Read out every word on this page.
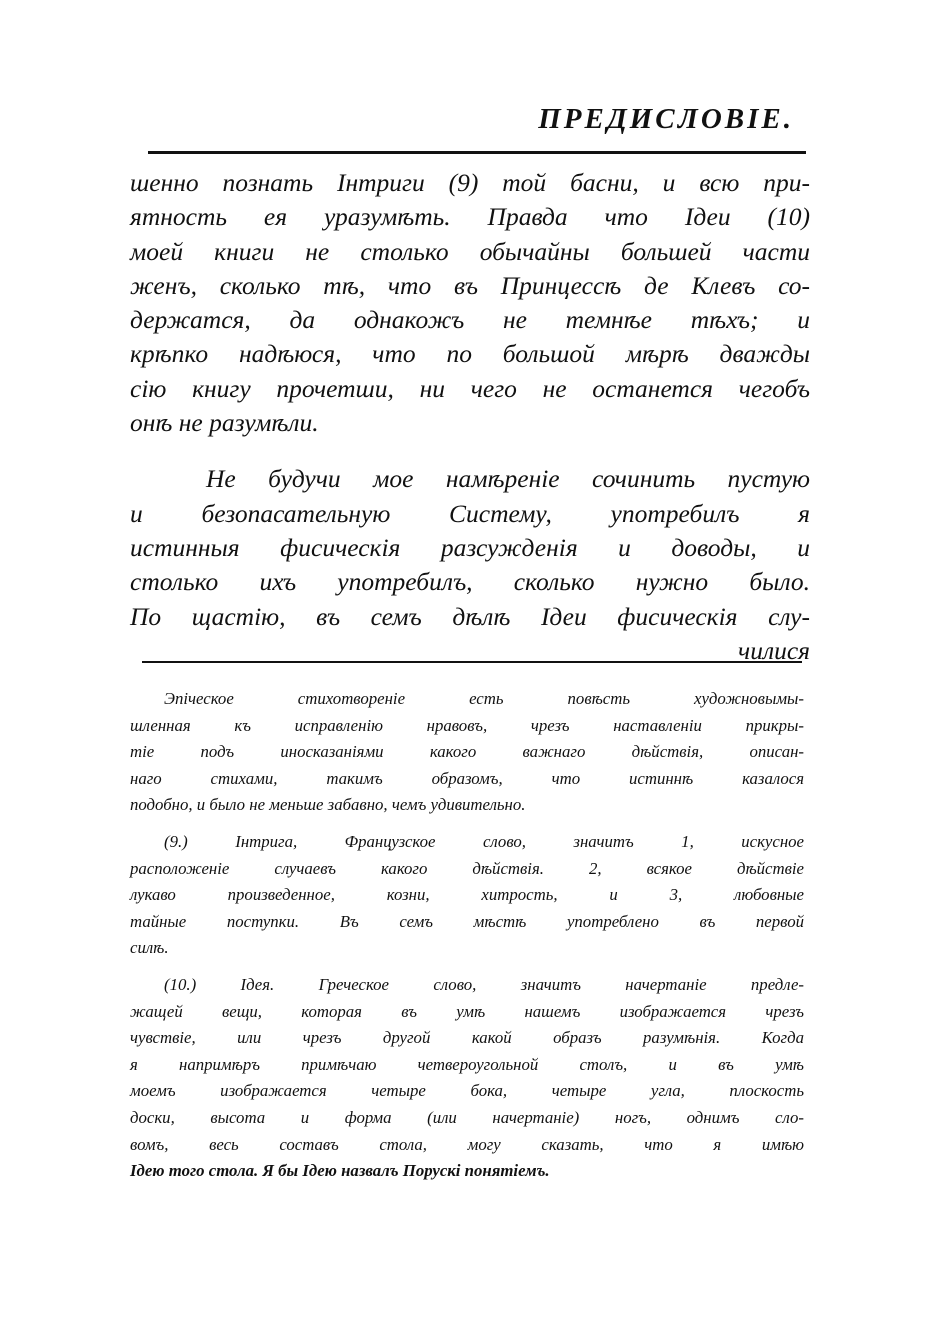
ПРЕДИСЛОВІЕ.
шенно познать Інтриги (9) той басни, и всю при-
ятность ея уразумѣть. Правда что Ідеи (10)
моей книги не столько обычайны большей части
женъ, сколько тѣ, что въ Принцессѣ де Клевъ со-
держатся, да однакожъ не темнѣе тѣхъ; и
крѣпко надѣюся, что по большой мѣрѣ дважды
сію книгу прочетши, ни чего не останется чегобъ
онѣ не разумѣли.
Не будучи мое намѣреніе сочинить пустую
и безопасательную Систему, употребилъ я
истинныя фисическія разсужденія и доводы, и
столько ихъ употребилъ, сколько нужно было.
По щастію, въ семъ дѣлѣ Ідеи фисическія слу-
чилися
Эпіческое стихотвореніе есть повѣсть художновымы-
шленная къ исправленію нравовъ, чрезъ наставленіи прикры-
тіе подъ иносказаніями какого важнаго дѣйствія, описан-
наго стихами, такимъ образомъ, что истиннѣ казалося
подобно, и было не меньше забавно, чемъ удивительно.
(9.) Інтрига, Французское слово, значитъ 1, искусное
расположеніе случаевъ какого дѣйствія. 2, всякое дѣйствіе
лукаво произведенное, козни, хитрость, и 3, любовные
тайные поступки. Въ семъ мѣстѣ употреблено въ первой
силѣ.
(10.) Ідея. Греческое слово, значитъ начертаніе предле-
жащей вещи, которая въ умѣ нашемъ изображается чрезъ
чувствіе, или чрезъ другой какой образъ разумѣнія. Когда
я напримѣръ примѣчаю четвероугольной столъ, и въ умѣ
моемъ изображается четыре бока, четыре угла, плоскость
доски, высота и форма (или начертаніе) ногъ, однимъ сло-
вомъ, весь составъ стола, могу сказать, что я имѣю
Ідею того стола. Я бы Ідею назвалъ Порускі понятіемъ.
